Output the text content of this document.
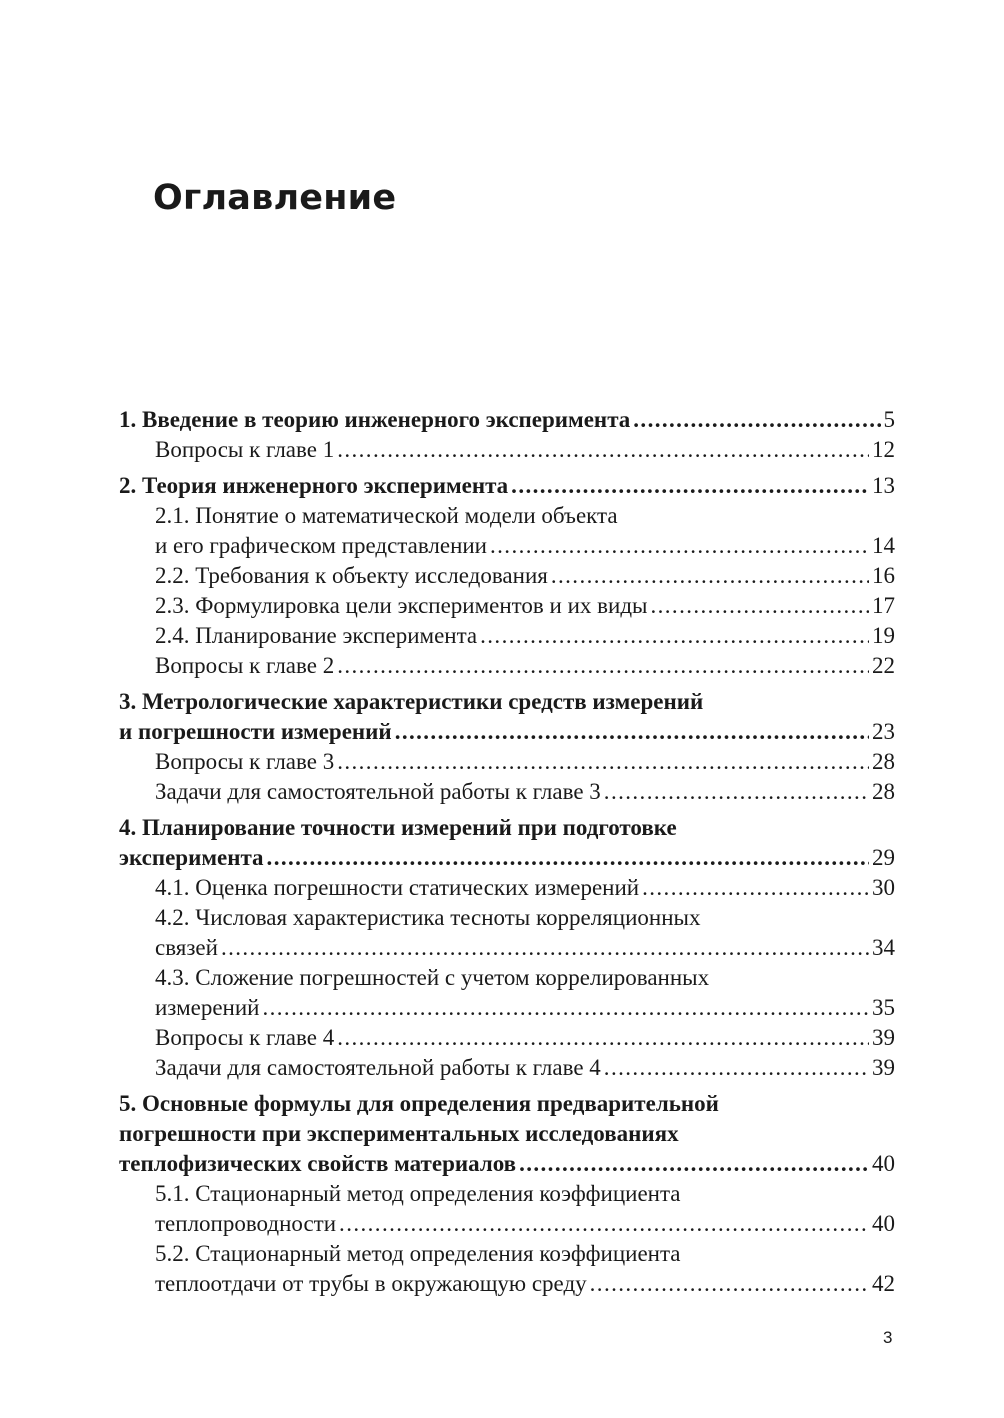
Оглавление
1. Введение в теорию инженерного эксперимента .....	5
Вопросы к главе 1 .....	12
2. Теория инженерного эксперимента .....	13
2.1. Понятие о математической модели объекта
и его графическом представлении .....	14
2.2. Требования к объекту исследования .....	16
2.3. Формулировка цели экспериментов и их виды .....	17
2.4. Планирование эксперимента .....	19
Вопросы к главе 2 .....	22
3. Метрологические характеристики средств измерений
и погрешности измерений .....	23
Вопросы к главе 3 .....	28
Задачи для самостоятельной работы к главе 3 .....	28
4. Планирование точности измерений при подготовке
эксперимента .....	29
4.1. Оценка погрешности статических измерений .....	30
4.2. Числовая характеристика тесноты корреляционных
связей .....	34
4.3. Сложение погрешностей с учетом коррелированных
измерений .....	35
Вопросы к главе 4 .....	39
Задачи для самостоятельной работы к главе 4 .....	39
5. Основные формулы для определения предварительной
погрешности при экспериментальных исследованиях
теплофизических свойств материалов .....	40
5.1. Стационарный метод определения коэффициента
теплопроводности .....	40
5.2. Стационарный метод определения коэффициента
теплоотдачи от трубы в окружающую среду .....	42
3
